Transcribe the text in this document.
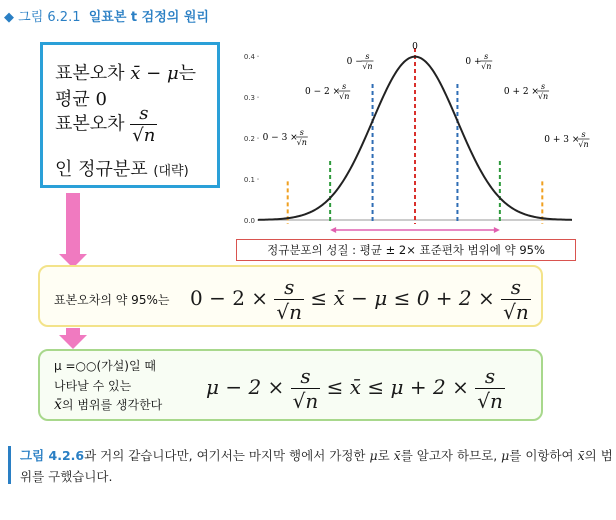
◆ 그림 6.2.1 일표본 t 검정의 원리
표본오차 x̄ − μ는
평균 0
표본오차 $\frac{s}{√n}$
인 정규분포 (대략)
0.0
0.1
0.2
0.3
0.4
0 − 3 ×
s
√n
0 − 2 ×
s
√n
0 −
s
√n
0
0 +
s
√n
0 + 2 ×
s
√n
0 + 3 ×
s
√n
정규분포의 성질 : 평균 ± 2× 표준편차 범위에 약 95%
표본오차의 약 95%는 $0 - 2 \times \frac{s}{√n}$ ≤ x̄ − $\mu \le 0 + 2 \times \frac{s}{√n}$
μ =○○(가설)일 때
나타날 수 있는
x̄의 범위를 생각한다
$\mu - 2 \times \frac{s}{√n}$ ≤ x̄ ≤ $\mu + 2 \times \frac{s}{√n}$
그림 4.2.6과 거의 같습니다만, 여기서는 마지막 행에서 가정한 μ로 x̄를 알고자 하므로, μ를 이항하여 x̄의 범위를 구했습니다.
